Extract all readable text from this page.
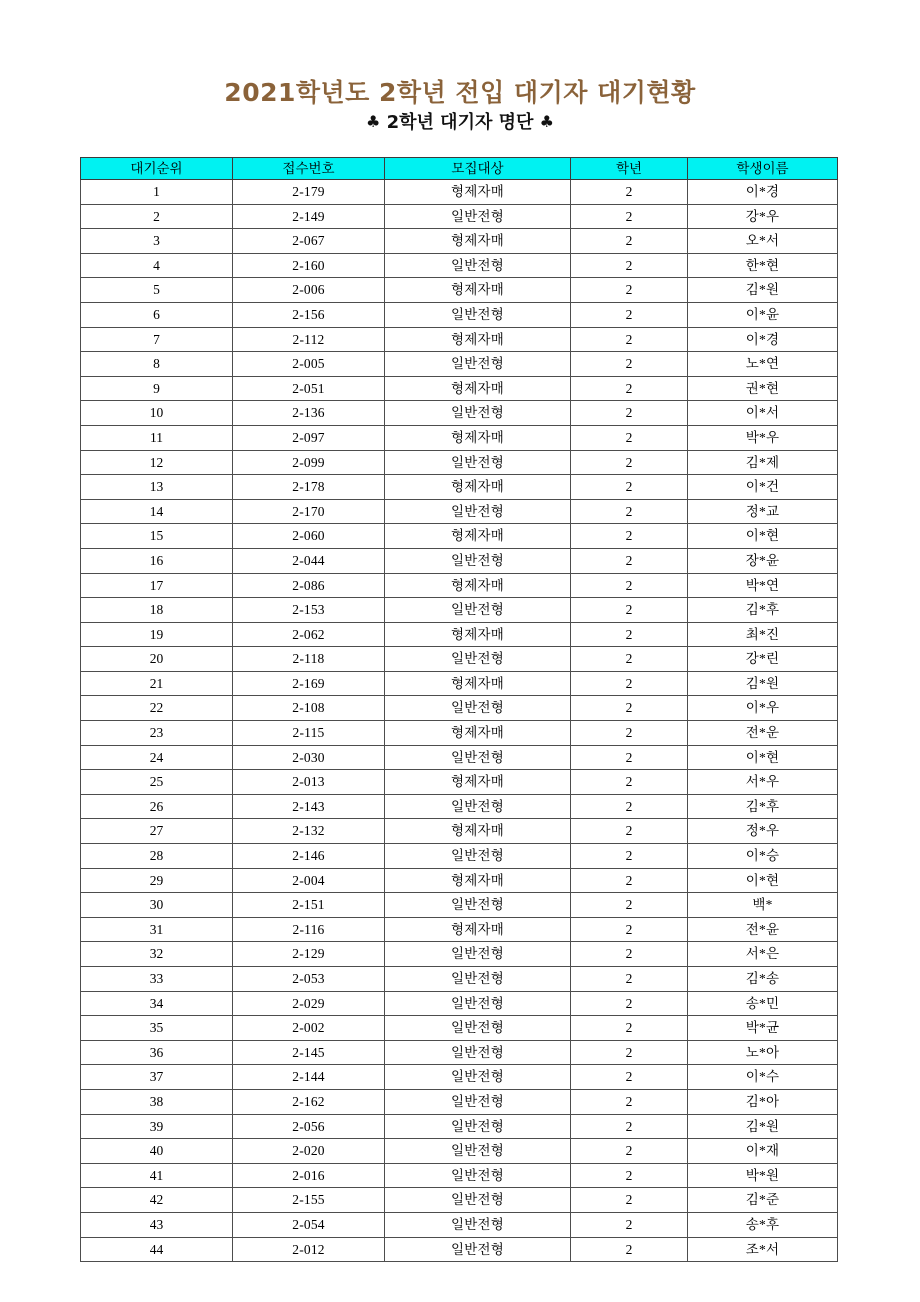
2021학년도 2학년 전입 대기자 대기현황
♣ 2학년 대기자 명단 ♣
대기순위	접수번호	모집대상	학년	학생이름
1	2-179	형제자매	2	이*경
2	2-149	일반전형	2	강*우
3	2-067	형제자매	2	오*서
4	2-160	일반전형	2	한*현
5	2-006	형제자매	2	김*원
6	2-156	일반전형	2	이*윤
7	2-112	형제자매	2	이*경
8	2-005	일반전형	2	노*연
9	2-051	형제자매	2	권*현
10	2-136	일반전형	2	이*서
11	2-097	형제자매	2	박*우
12	2-099	일반전형	2	김*제
13	2-178	형제자매	2	이*건
14	2-170	일반전형	2	정*교
15	2-060	형제자매	2	이*현
16	2-044	일반전형	2	장*윤
17	2-086	형제자매	2	박*연
18	2-153	일반전형	2	김*후
19	2-062	형제자매	2	최*진
20	2-118	일반전형	2	강*린
21	2-169	형제자매	2	김*원
22	2-108	일반전형	2	이*우
23	2-115	형제자매	2	전*운
24	2-030	일반전형	2	이*현
25	2-013	형제자매	2	서*우
26	2-143	일반전형	2	김*후
27	2-132	형제자매	2	정*우
28	2-146	일반전형	2	이*승
29	2-004	형제자매	2	이*현
30	2-151	일반전형	2	백*
31	2-116	형제자매	2	전*윤
32	2-129	일반전형	2	서*은
33	2-053	일반전형	2	김*송
34	2-029	일반전형	2	송*민
35	2-002	일반전형	2	박*균
36	2-145	일반전형	2	노*아
37	2-144	일반전형	2	이*수
38	2-162	일반전형	2	김*아
39	2-056	일반전형	2	김*원
40	2-020	일반전형	2	이*재
41	2-016	일반전형	2	박*원
42	2-155	일반전형	2	김*준
43	2-054	일반전형	2	송*후
44	2-012	일반전형	2	조*서
